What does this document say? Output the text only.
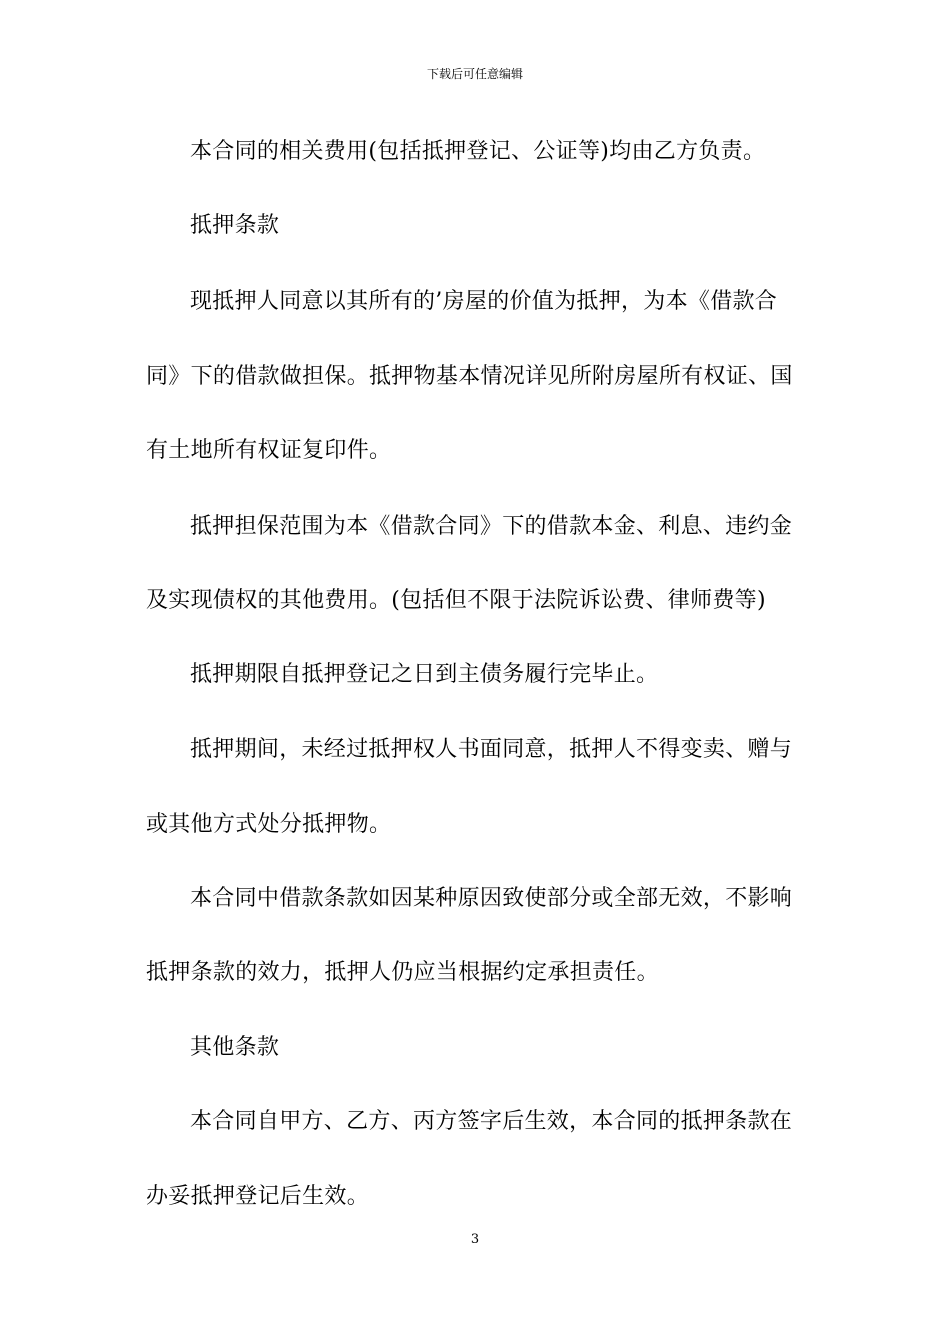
下载后可任意编辑
本合同的相关费用(包括抵押登记、公证等)均由乙方负责。
抵押条款
现抵押人同意以其所有的’房屋的价值为抵押，为本《借款合
同》下的借款做担保。抵押物基本情况详见所附房屋所有权证、国
有土地所有权证复印件。
抵押担保范围为本《借款合同》下的借款本金、利息、违约金
及实现债权的其他费用。(包括但不限于法院诉讼费、律师费等)
抵押期限自抵押登记之日到主债务履行完毕止。
抵押期间，未经过抵押权人书面同意，抵押人不得变卖、赠与
或其他方式处分抵押物。
本合同中借款条款如因某种原因致使部分或全部无效，不影响
抵押条款的效力，抵押人仍应当根据约定承担责任。
其他条款
本合同自甲方、乙方、丙方签字后生效，本合同的抵押条款在
办妥抵押登记后生效。
3
